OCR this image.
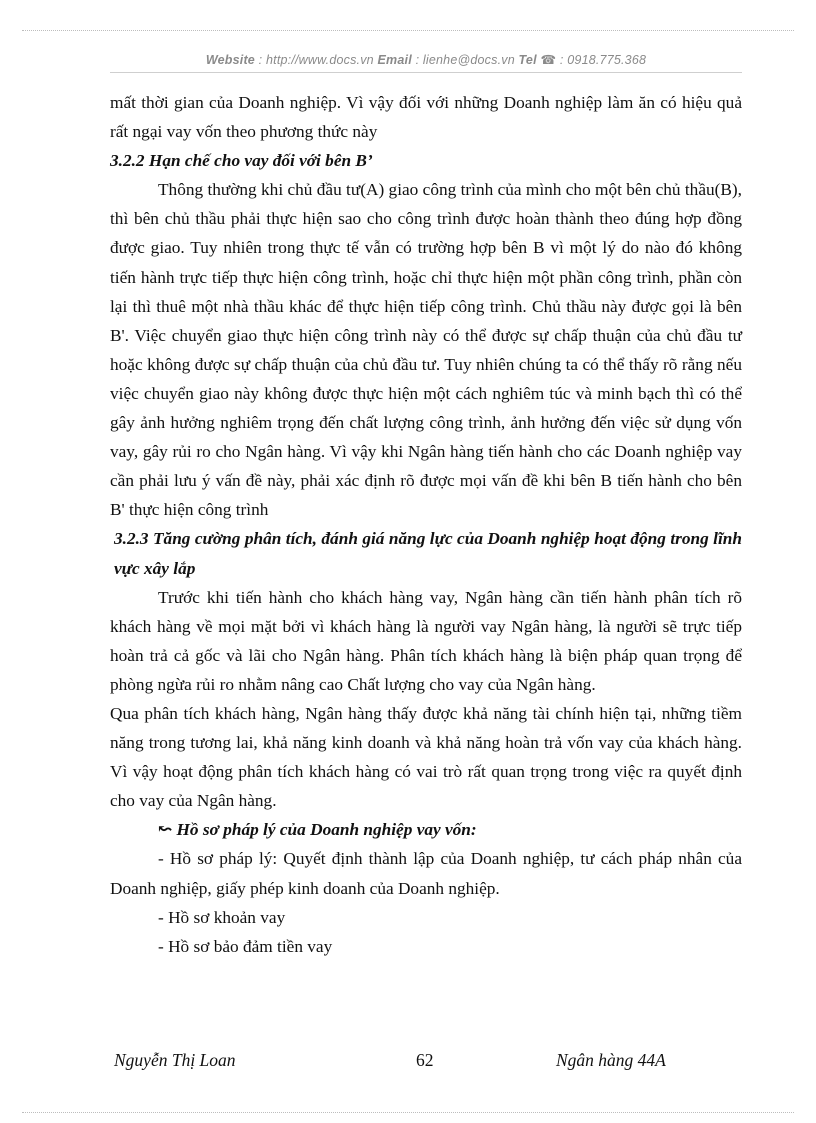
Website : http://www.docs.vn Email : lienhe@docs.vn Tel ☎ : 0918.775.368

mất thời gian của Doanh nghiệp. Vì vậy đối với những Doanh nghiệp làm ăn có hiệu quả rất ngại vay vốn theo phương thức này

3.2.2 Hạn chế cho vay đối với bên B’

Thông thường khi chủ đầu tư(A) giao công trình của mình cho một bên chủ thầu(B), thì bên chủ thầu phải thực hiện sao cho công trình được hoàn thành theo đúng hợp đồng được giao. Tuy nhiên trong thực tế vẫn có trường hợp bên B vì một lý do nào đó không tiến hành trực tiếp thực hiện công trình, hoặc chỉ thực hiện một phần công trình, phần còn lại thì thuê một nhà thầu khác để thực hiện tiếp công trình. Chủ thầu này được gọi là bên B'. Việc chuyển giao thực hiện công trình này có thể được sự chấp thuận của chủ đầu tư hoặc không được sự chấp thuận của chủ đầu tư. Tuy nhiên chúng ta có thể thấy rõ rằng nếu việc chuyển giao này không được thực hiện một cách nghiêm túc và minh bạch thì có thể gây ảnh hưởng nghiêm trọng đến chất lượng công trình, ảnh hưởng đến việc sử dụng vốn vay, gây rủi ro cho Ngân hàng. Vì vậy khi Ngân hàng tiến hành cho các Doanh nghiệp vay cần phải lưu ý vấn đề này, phải xác định rõ được mọi vấn đề khi bên B tiến hành cho bên B' thực hiện công trình

3.2.3 Tăng cường phân tích, đánh giá năng lực của Doanh nghiệp hoạt động trong lĩnh vực xây lắp

Trước khi tiến hành cho khách hàng vay, Ngân hàng cần tiến hành phân tích rõ khách hàng về mọi mặt bởi vì khách hàng là người vay Ngân hàng, là người sẽ trực tiếp hoàn trả cả gốc và lãi cho Ngân hàng. Phân tích khách hàng là biện pháp quan trọng để phòng ngừa rủi ro nhằm nâng cao Chất lượng cho vay của Ngân hàng.

Qua phân tích khách hàng, Ngân hàng thấy được khả năng tài chính hiện tại, những tiềm năng trong tương lai, khả năng kinh doanh và khả năng hoàn trả vốn vay của khách hàng. Vì vậy hoạt động phân tích khách hàng có vai trò rất quan trọng trong việc ra quyết định cho vay của Ngân hàng.

↜ Hồ sơ pháp lý của Doanh nghiệp vay vốn:

- Hồ sơ pháp lý: Quyết định thành lập của Doanh nghiệp, tư cách pháp nhân của Doanh nghiệp, giấy phép kinh doanh của Doanh nghiệp.

- Hồ sơ khoản vay

- Hồ sơ bảo đảm tiền vay

Nguyễn Thị Loan	62	Ngân hàng 44A
